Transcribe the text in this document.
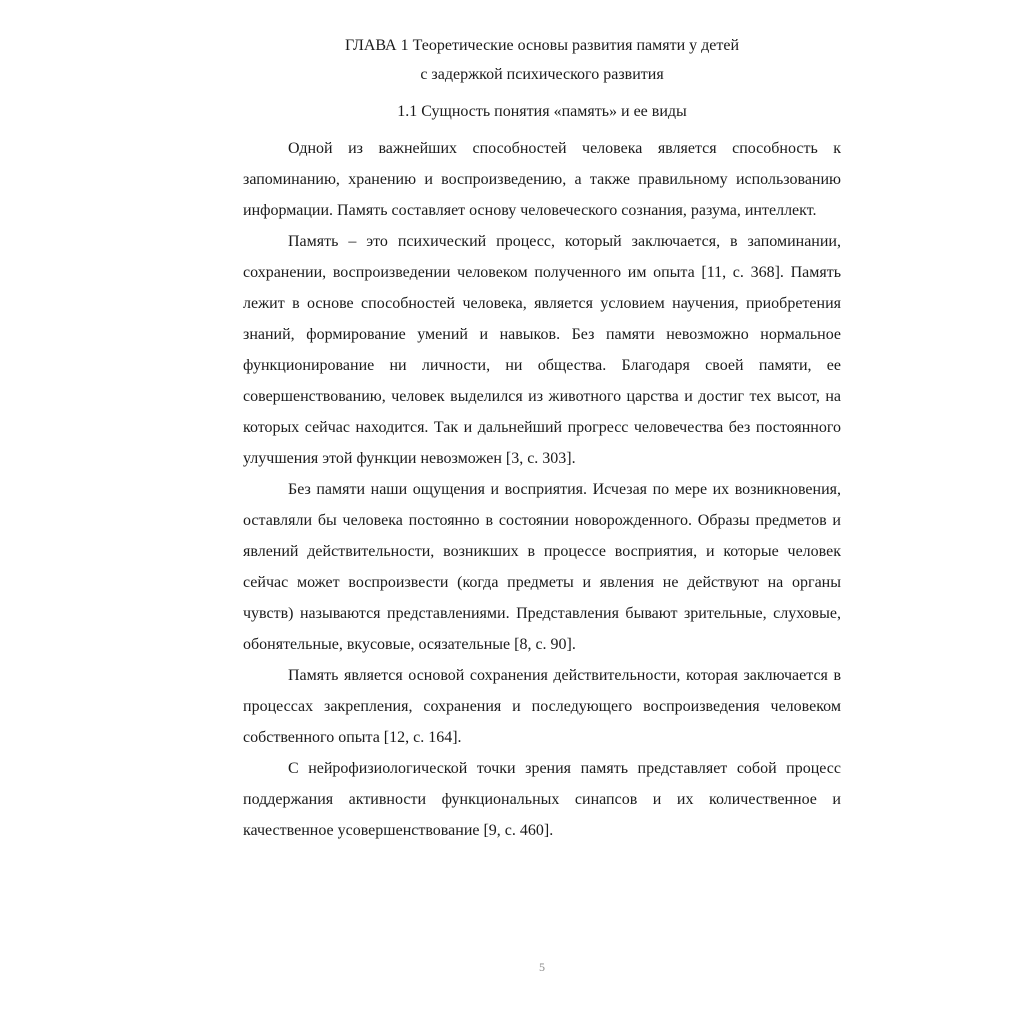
ГЛАВА 1 Теоретические основы развития памяти у детей

с задержкой психического развития

1.1 Сущность понятия «память» и ее виды

Одной из важнейших способностей человека является способность к запоминанию, хранению и воспроизведению, а также правильному использованию информации. Память составляет основу человеческого сознания, разума, интеллект.

Память – это психический процесс, который заключается, в запоминании, сохранении, воспроизведении человеком полученного им опыта [11, с. 368]. Память лежит в основе способностей человека, является условием научения, приобретения знаний, формирование умений и навыков. Без памяти невозможно нормальное функционирование ни личности, ни общества. Благодаря своей памяти, ее совершенствованию, человек выделился из животного царства и достиг тех высот, на которых сейчас находится. Так и дальнейший прогресс человечества без постоянного улучшения этой функции невозможен [3, с. 303].

Без памяти наши ощущения и восприятия. Исчезая по мере их возникновения, оставляли бы человека постоянно в состоянии новорожденного. Образы предметов и явлений действительности, возникших в процессе восприятия, и которые человек сейчас может воспроизвести (когда предметы и явления не действуют на органы чувств) называются представлениями. Представления бывают зрительные, слуховые, обонятельные, вкусовые, осязательные [8, с. 90].

Память является основой сохранения действительности, которая заключается в процессах закрепления, сохранения и последующего воспроизведения человеком собственного опыта [12, с. 164].

С нейрофизиологической точки зрения память представляет собой процесс поддержания активности функциональных синапсов и их количественное и качественное усовершенствование [9, с. 460].

5
